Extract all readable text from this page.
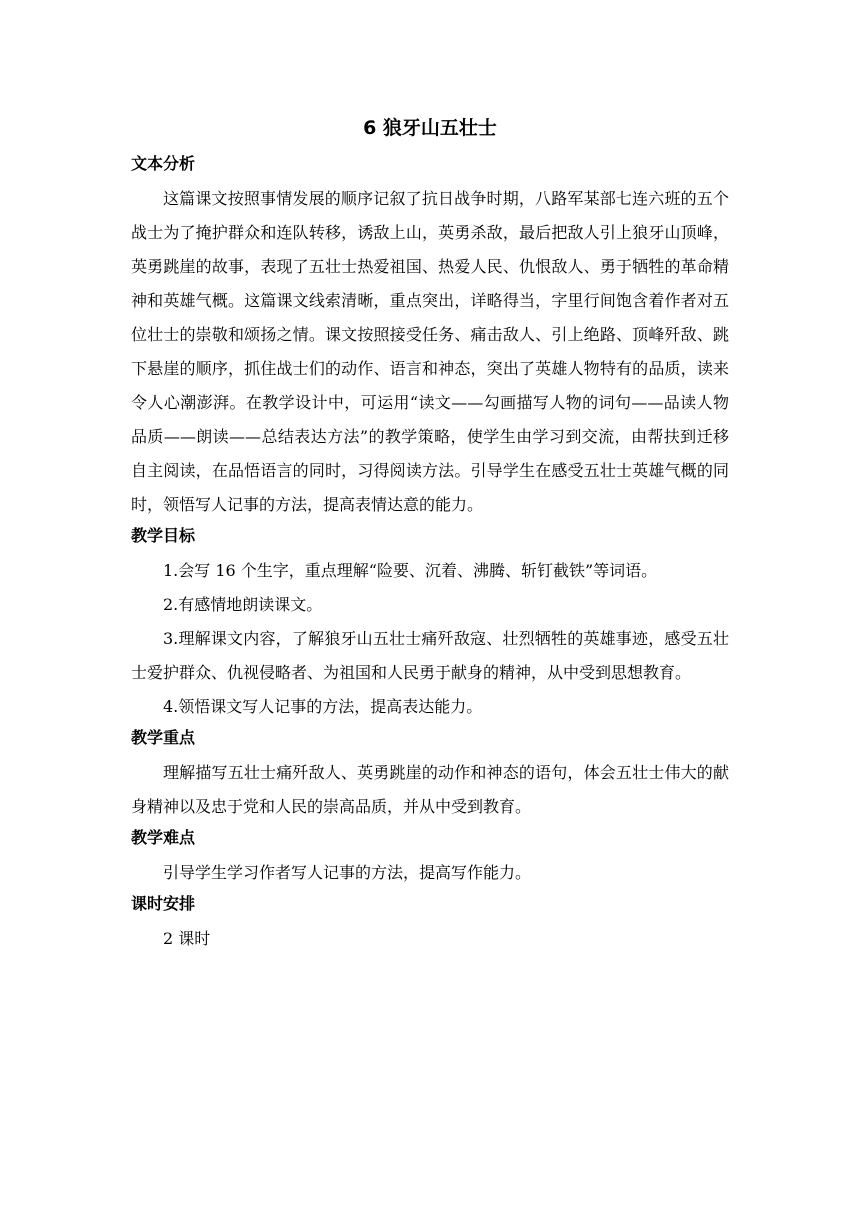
6 狼牙山五壮士

文本分析

这篇课文按照事情发展的顺序记叙了抗日战争时期，八路军某部七连六班的五个战士为了掩护群众和连队转移，诱敌上山，英勇杀敌，最后把敌人引上狼牙山顶峰，英勇跳崖的故事，表现了五壮士热爱祖国、热爱人民、仇恨敌人、勇于牺牲的革命精神和英雄气概。这篇课文线索清晰，重点突出，详略得当，字里行间饱含着作者对五位壮士的崇敬和颂扬之情。课文按照接受任务、痛击敌人、引上绝路、顶峰歼敌、跳下悬崖的顺序，抓住战士们的动作、语言和神态，突出了英雄人物特有的品质，读来令人心潮澎湃。在教学设计中，可运用“读文——勾画描写人物的词句——品读人物品质——朗读——总结表达方法”的教学策略，使学生由学习到交流，由帮扶到迁移自主阅读，在品悟语言的同时，习得阅读方法。引导学生在感受五壮士英雄气概的同时，领悟写人记事的方法，提高表情达意的能力。

教学目标

1.会写 16 个生字，重点理解“险要、沉着、沸腾、斩钉截铁”等词语。

2.有感情地朗读课文。

3.理解课文内容，了解狼牙山五壮士痛歼敌寇、壮烈牺牲的英雄事迹，感受五壮士爱护群众、仇视侵略者、为祖国和人民勇于献身的精神，从中受到思想教育。

4.领悟课文写人记事的方法，提高表达能力。

教学重点

理解描写五壮士痛歼敌人、英勇跳崖的动作和神态的语句，体会五壮士伟大的献身精神以及忠于党和人民的崇高品质，并从中受到教育。

教学难点

引导学生学习作者写人记事的方法，提高写作能力。

课时安排

2 课时
